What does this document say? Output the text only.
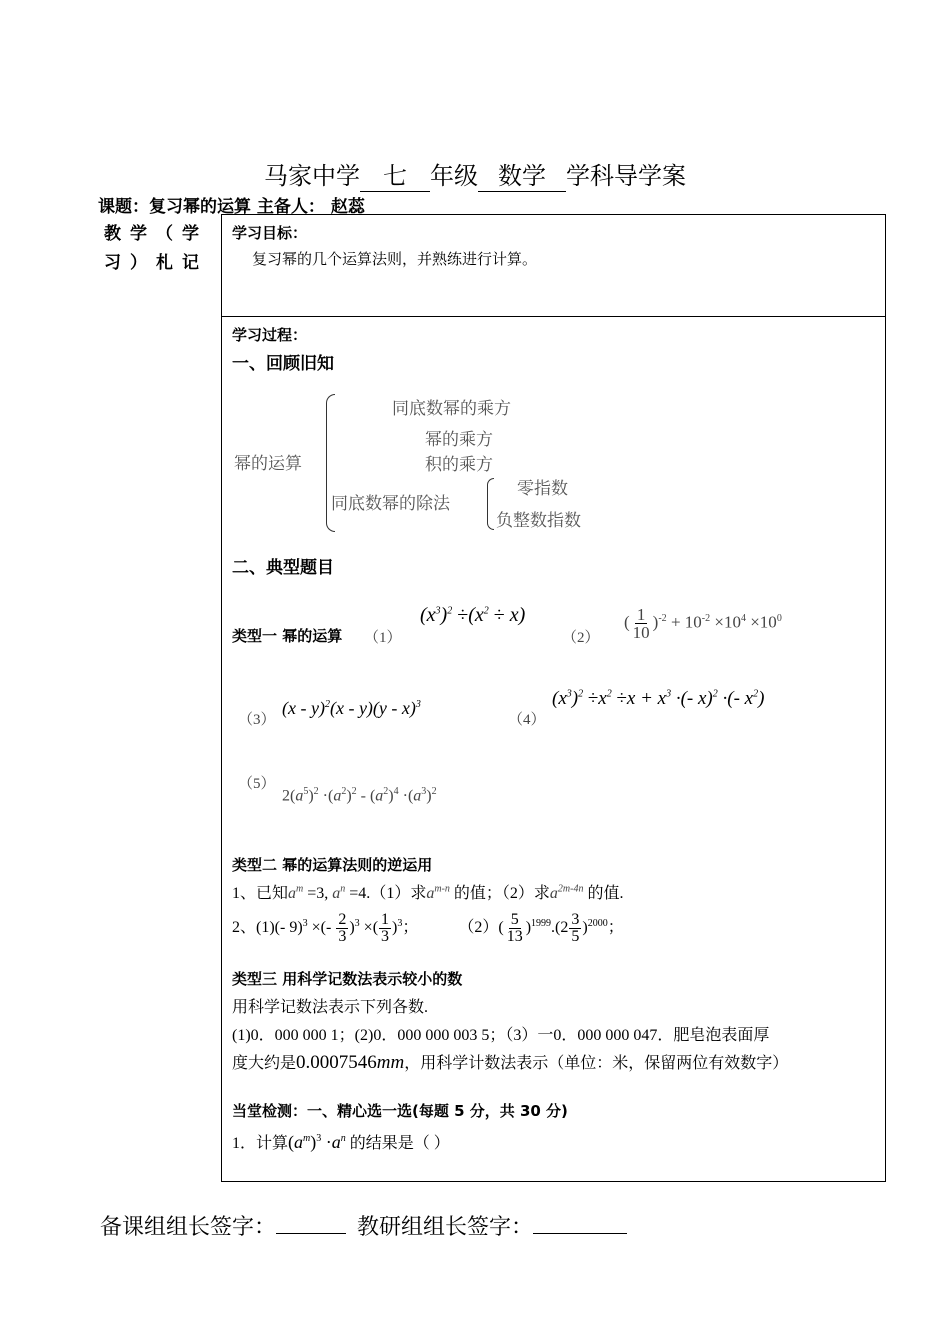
马家中学 七 年级 数学 学科导学案
课题：复习幂的运算 主备人： 赵蕊
教学（学
习）札记
学习目标：
复习幂的几个运算法则，并熟练进行计算。
学习过程：
一、回顾旧知
幂的运算
同底数幂的乘方
幂的乘方
积的乘方
同底数幂的除法
零指数
负整数指数
二、典型题目
类型一 幂的运算 （1）
$(x^3)^2 \div(x^2 \div x)$
（2）
( $\frac{1}{10} )^{-2} + 10^{-2} \times 10^4 \times 10^0$
（3）
(x - y)$^2$(x - y)(y - x)$^3$
（4）
$(x^3)^2 \div x^2 \div x + x^3$ ·(- x)$^2$ ·(- $x^2$)
（5）
$2(a^5)^2 \cdot(a^2)^2 - (a^2)^4 \cdot(a^3)^2$
类型二 幂的运算法则的逆运用
1、已知$a^m =3$, $a^n =4.(1)$求$a^{m-n}$ 的值；（2）求$a^{2m-4n}$ 的值.
2、(1)(- 9)$^3$ ×(- $\frac{2}{3} )^3$ ×( $\frac{1}{3} )^3$； $(2)( \frac{5}{13} )^{1999}.(2 \frac{3}{5} )^{2000}$；
类型三 用科学记数法表示较小的数
用科学记数法表示下列各数.
(1)0．000 000 1；(2)0．000 000 003 5；（3）一0．000 000 047．肥皂泡表面厚
度大约是0.0007546mm，用科学计数法表示（单位：米，保留两位有效数字）
当堂检测：一、精心选一选(每题 5 分，共 30 分)
1．计算$(a^m)^3 \cdot a^n$ 的结果是（ ）
备课组组长签字：	教研组组长签字：
